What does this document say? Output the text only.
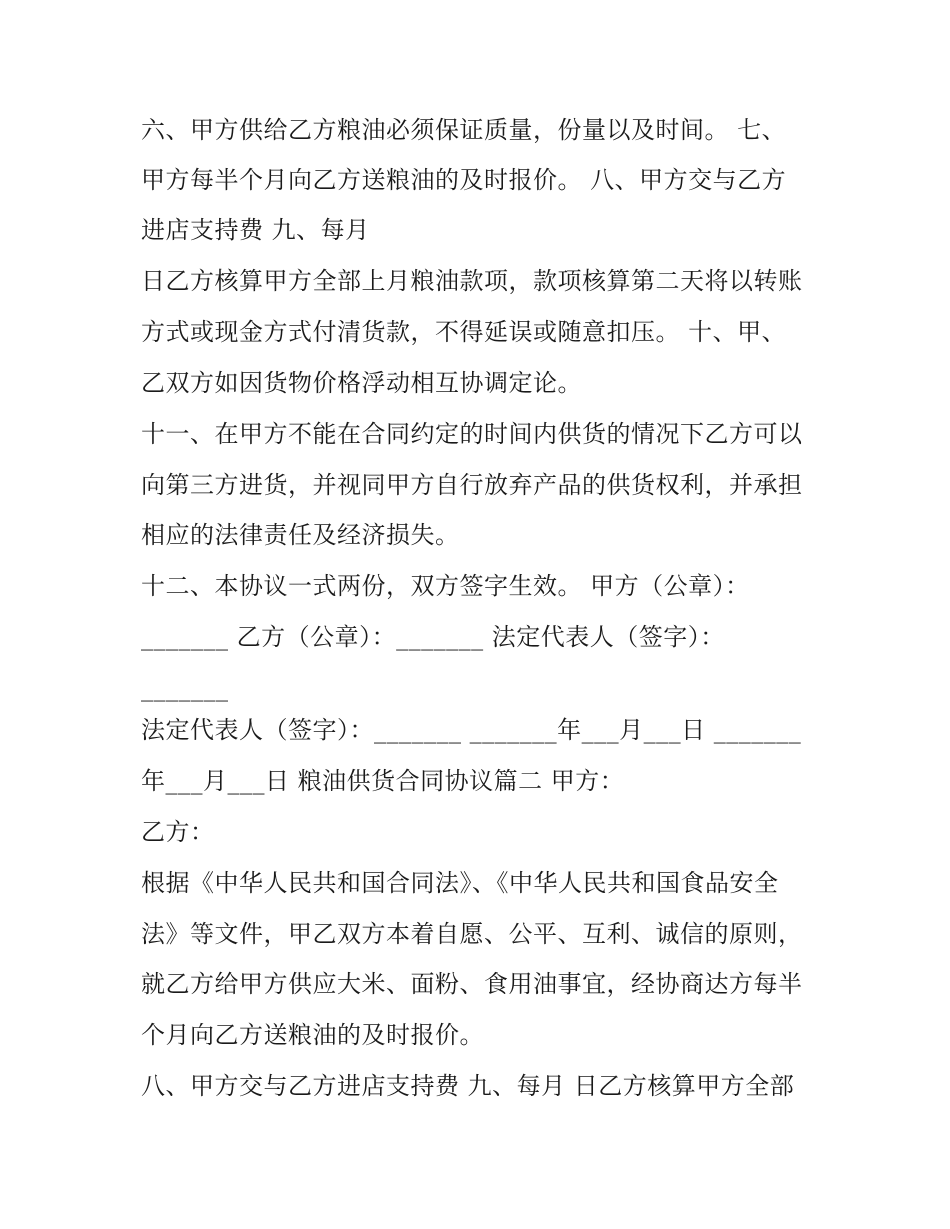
六、甲方供给乙方粮油必须保证质量，份量以及时间。 七、
甲方每半个月向乙方送粮油的及时报价。 八、甲方交与乙方
进店支持费 九、每月
日乙方核算甲方全部上月粮油款项，款项核算第二天将以转账
方式或现金方式付清货款，不得延误或随意扣压。 十、甲、
乙双方如因货物价格浮动相互协调定论。
十一、在甲方不能在合同约定的时间内供货的情况下乙方可以
向第三方进货，并视同甲方自行放弃产品的供货权利，并承担
相应的法律责任及经济损失。
十二、本协议一式两份，双方签字生效。 甲方（公章）：
_______ 乙方（公章）：_______ 法定代表人（签字）：
_______
法定代表人（签字）：_______ _______年___月___日 _______
年___月___日 粮油供货合同协议篇二 甲方：
乙方：
根据《中华人民共和国合同法》、《中华人民共和国食品安全
法》等文件，甲乙双方本着自愿、公平、互利、诚信的原则，
就乙方给甲方供应大米、面粉、食用油事宜，经协商达方每半
个月向乙方送粮油的及时报价。
八、甲方交与乙方进店支持费 九、每月 日乙方核算甲方全部
